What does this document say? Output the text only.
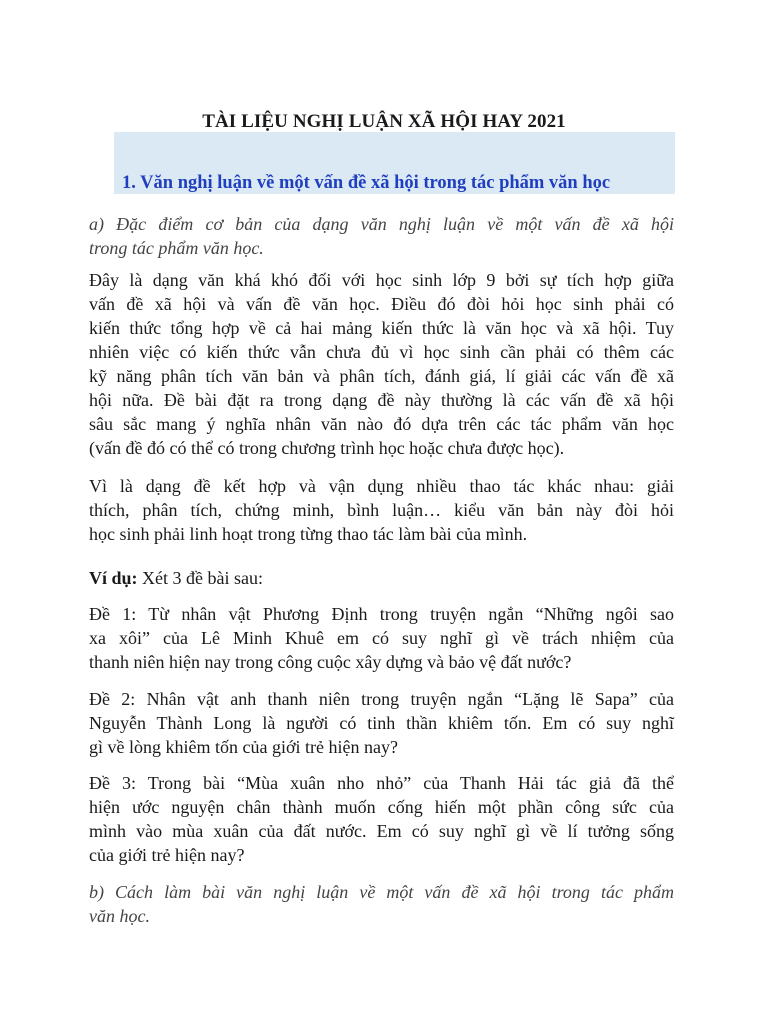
TÀI LIỆU NGHỊ LUẬN XÃ HỘI HAY 2021
1. Văn nghị luận về một vấn đề xã hội trong tác phẩm văn học

a) Đặc điểm cơ bản của dạng văn nghị luận về một vấn đề xã hội
trong tác phẩm văn học.

Đây là dạng văn khá khó đối với học sinh lớp 9 bởi sự tích hợp giữa
vấn đề xã hội và vấn đề văn học. Điều đó đòi hỏi học sinh phải có
kiến thức tổng hợp về cả hai mảng kiến thức là văn học và xã hội. Tuy
nhiên việc có kiến thức vẫn chưa đủ vì học sinh cần phải có thêm các
kỹ năng phân tích văn bản và phân tích, đánh giá, lí giải các vấn đề xã
hội nữa. Đề bài đặt ra trong dạng đề này thường là các vấn đề xã hội
sâu sắc mang ý nghĩa nhân văn nào đó dựa trên các tác phẩm văn học
(vấn đề đó có thể có trong chương trình học hoặc chưa được học).

Vì là dạng đề kết hợp và vận dụng nhiều thao tác khác nhau: giải
thích, phân tích, chứng minh, bình luận… kiểu văn bản này đòi hỏi
học sinh phải linh hoạt trong từng thao tác làm bài của mình.

Ví dụ: Xét 3 đề bài sau:

Đề 1: Từ nhân vật Phương Định trong truyện ngắn “Những ngôi sao
xa xôi” của Lê Minh Khuê em có suy nghĩ gì về trách nhiệm của
thanh niên hiện nay trong công cuộc xây dựng và bảo vệ đất nước?

Đề 2: Nhân vật anh thanh niên trong truyện ngắn “Lặng lẽ Sapa” của
Nguyễn Thành Long là người có tinh thần khiêm tốn. Em có suy nghĩ
gì về lòng khiêm tốn của giới trẻ hiện nay?

Đề 3: Trong bài “Mùa xuân nho nhỏ” của Thanh Hải tác giả đã thể
hiện ước nguyện chân thành muốn cống hiến một phần công sức của
mình vào mùa xuân của đất nước. Em có suy nghĩ gì về lí tưởng sống
của giới trẻ hiện nay?

b) Cách làm bài văn nghị luận về một vấn đề xã hội trong tác phẩm
văn học.
